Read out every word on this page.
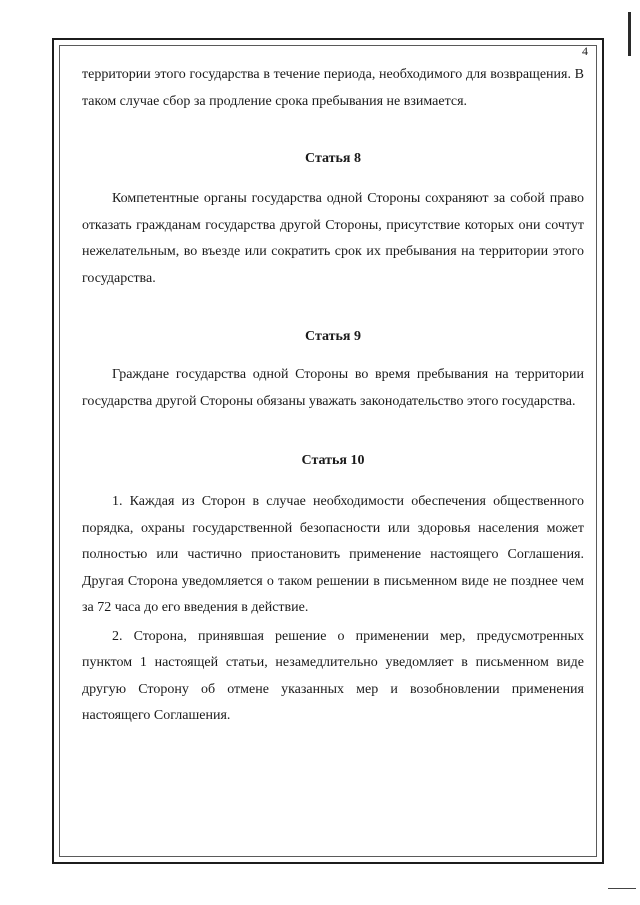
4

территории этого государства в течение периода, необходимого для возвращения. В таком случае сбор за продление срока пребывания не взимается.

Статья 8

Компетентные органы государства одной Стороны сохраняют за собой право отказать гражданам государства другой Стороны, присутствие которых они сочтут нежелательным, во въезде или сократить срок их пребывания на территории этого государства.

Статья 9

Граждане государства одной Стороны во время пребывания на территории государства другой Стороны обязаны уважать законодательство этого государства.

Статья 10

1. Каждая из Сторон в случае необходимости обеспечения общественного порядка, охраны государственной безопасности или здоровья населения может полностью или частично приостановить применение настоящего Соглашения. Другая Сторона уведомляется о таком решении в письменном виде не позднее чем за 72 часа до его введения в действие.

2. Сторона, принявшая решение о применении мер, предусмотренных пунктом 1 настоящей статьи, незамедлительно уведомляет в письменном виде другую Сторону об отмене указанных мер и возобновлении применения настоящего Соглашения.
